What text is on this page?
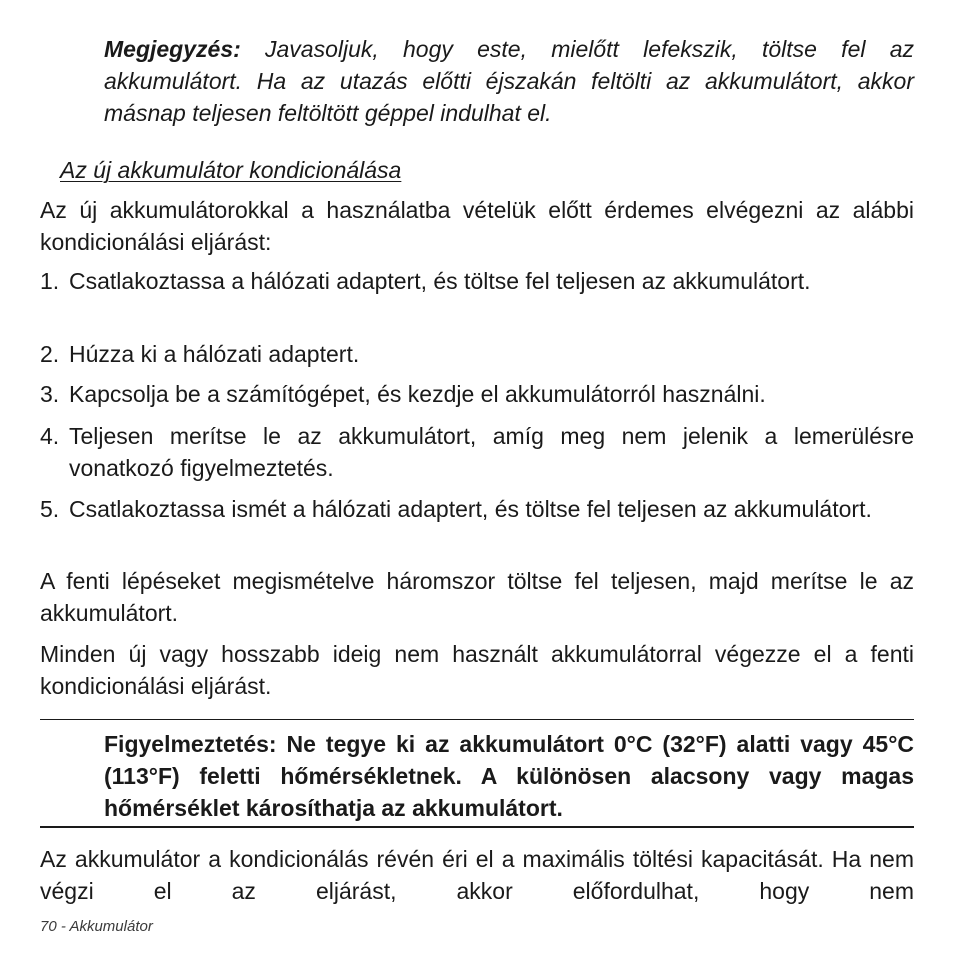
Megjegyzés: Javasoljuk, hogy este, mielőtt lefekszik, töltse fel az akkumulátort. Ha az utazás előtti éjszakán feltölti az akkumulátort, akkor másnap teljesen feltöltött géppel indulhat el.
Az új akkumulátor kondicionálása
Az új akkumulátorokkal a használatba vételük előtt érdemes elvégezni az alábbi kondicionálási eljárást:
1. Csatlakoztassa a hálózati adaptert, és töltse fel teljesen az akkumulátort.
2. Húzza ki a hálózati adaptert.
3. Kapcsolja be a számítógépet, és kezdje el akkumulátorról használni.
4. Teljesen merítse le az akkumulátort, amíg meg nem jelenik a lemerülésre vonatkozó figyelmeztetés.
5. Csatlakoztassa ismét a hálózati adaptert, és töltse fel teljesen az akkumulátort.
A fenti lépéseket megismételve háromszor töltse fel teljesen, majd merítse le az akkumulátort.
Minden új vagy hosszabb ideig nem használt akkumulátorral végezze el a fenti kondicionálási eljárást.
Figyelmeztetés: Ne tegye ki az akkumulátort 0°C (32°F) alatti vagy 45°C (113°F) feletti hőmérsékletnek. A különösen alacsony vagy magas hőmérséklet károsíthatja az akkumulátort.
Az akkumulátor a kondicionálás révén éri el a maximális töltési kapacitását. Ha nem végzi el az eljárást, akkor előfordulhat, hogy nem
70 - Akkumulátor
